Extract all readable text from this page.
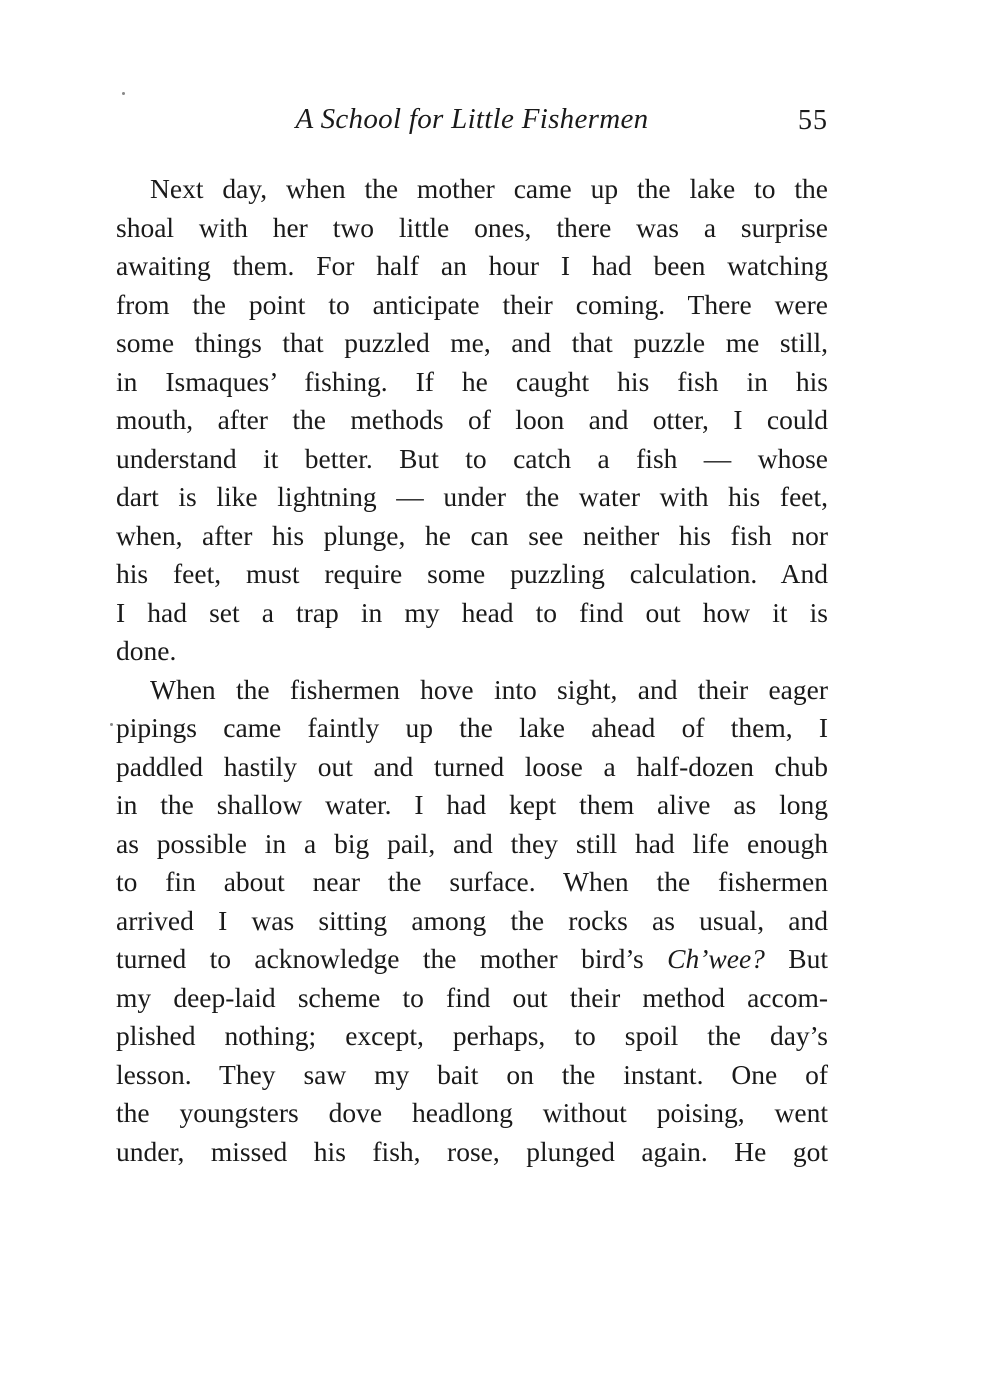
A School for Little Fishermen	55
Next day, when the mother came up the lake to the
shoal with her two little ones, there was a surprise
awaiting them. For half an hour I had been watching
from the point to anticipate their coming. There were
some things that puzzled me, and that puzzle me still,
in Ismaques’ fishing. If he caught his fish in his
mouth, after the methods of loon and otter, I could
understand it better. But to catch a fish — whose
dart is like lightning — under the water with his feet,
when, after his plunge, he can see neither his fish nor
his feet, must require some puzzling calculation. And
I had set a trap in my head to find out how it is
done.
When the fishermen hove into sight, and their eager
pipings came faintly up the lake ahead of them, I
paddled hastily out and turned loose a half-dozen chub
in the shallow water. I had kept them alive as long
as possible in a big pail, and they still had life enough
to fin about near the surface. When the fishermen
arrived I was sitting among the rocks as usual, and
turned to acknowledge the mother bird’s Ch’wee? But
my deep-laid scheme to find out their method accom-
plished nothing; except, perhaps, to spoil the day’s
lesson. They saw my bait on the instant. One of
the youngsters dove headlong without poising, went
under, missed his fish, rose, plunged again. He got
